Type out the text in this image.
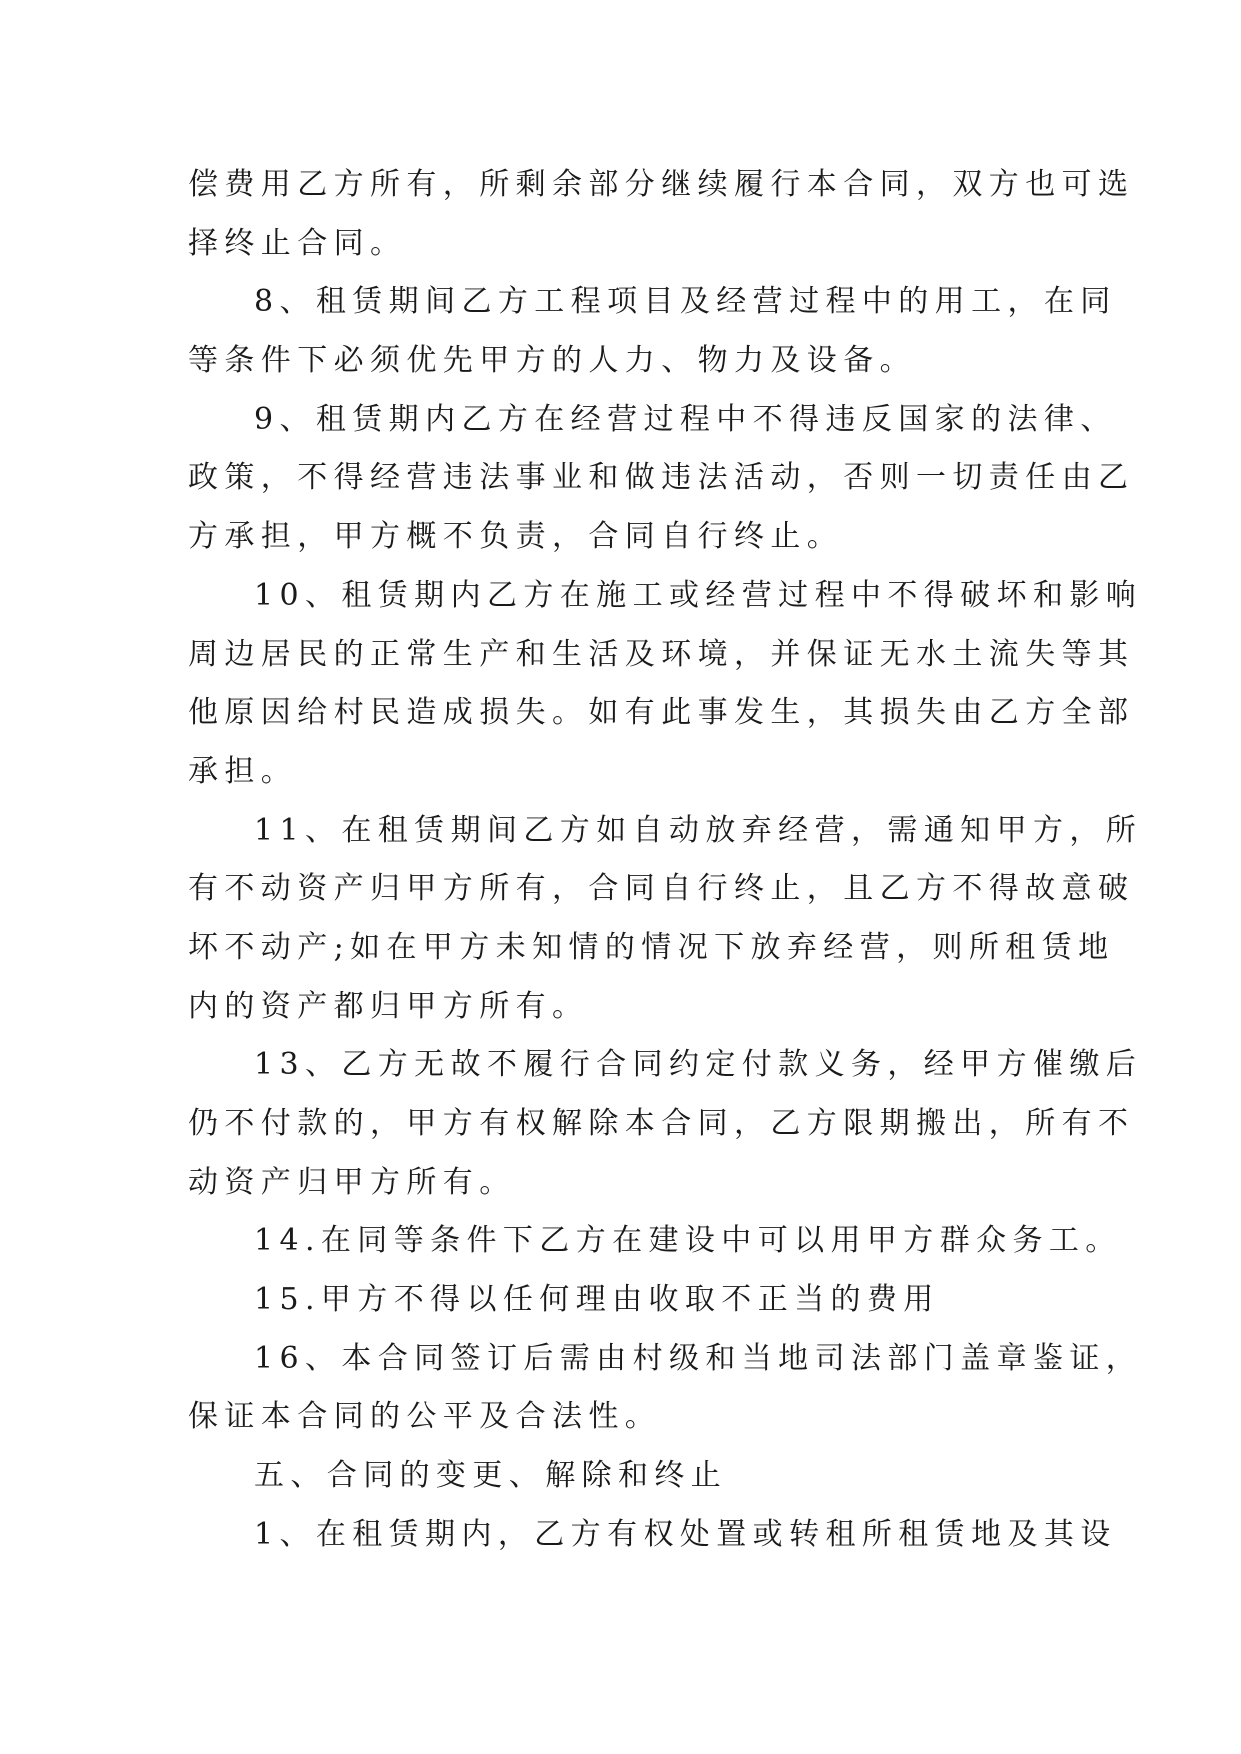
偿费用乙方所有，所剩余部分继续履行本合同，双方也可选
择终止合同。
8、租赁期间乙方工程项目及经营过程中的用工，在同
等条件下必须优先甲方的人力、物力及设备。
9、租赁期内乙方在经营过程中不得违反国家的法律、
政策，不得经营违法事业和做违法活动，否则一切责任由乙
方承担，甲方概不负责，合同自行终止。
10、租赁期内乙方在施工或经营过程中不得破坏和影响
周边居民的正常生产和生活及环境，并保证无水土流失等其
他原因给村民造成损失。如有此事发生，其损失由乙方全部
承担。
11、在租赁期间乙方如自动放弃经营，需通知甲方，所
有不动资产归甲方所有，合同自行终止，且乙方不得故意破
坏不动产;如在甲方未知情的情况下放弃经营，则所租赁地
内的资产都归甲方所有。
13、乙方无故不履行合同约定付款义务，经甲方催缴后
仍不付款的，甲方有权解除本合同，乙方限期搬出，所有不
动资产归甲方所有。
14.在同等条件下乙方在建设中可以用甲方群众务工。
15.甲方不得以任何理由收取不正当的费用
16、本合同签订后需由村级和当地司法部门盖章鉴证，
保证本合同的公平及合法性。
五、合同的变更、解除和终止
1、在租赁期内，乙方有权处置或转租所租赁地及其设
